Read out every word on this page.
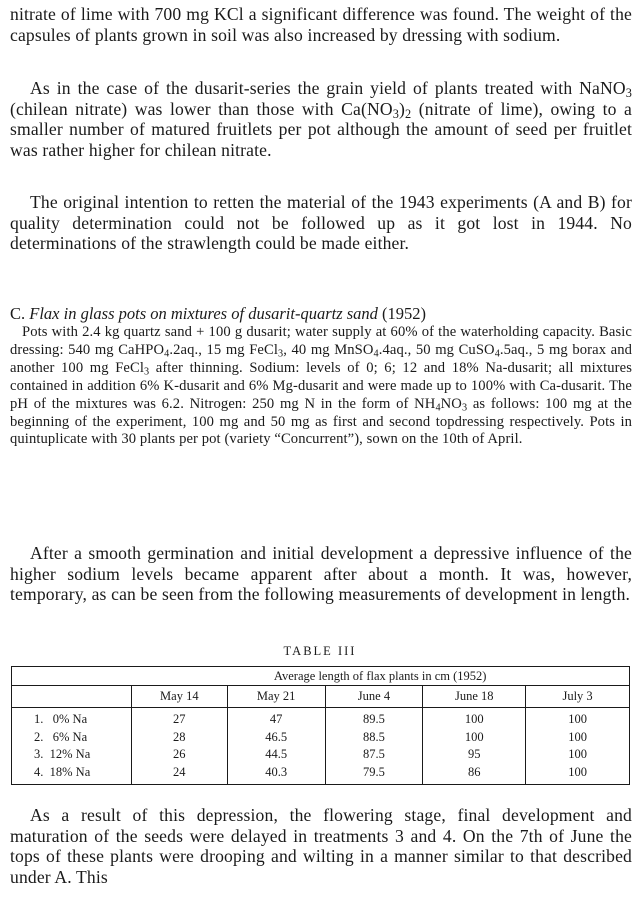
nitrate of lime with 700 mg KCl a significant difference was found. The weight of the capsules of plants grown in soil was also increased by dressing with sodium.

As in the case of the dusarit-series the grain yield of plants treated with NaNO$_3$ (chilean nitrate) was lower than those with $Ca(NO_3)_2$ (nitrate of lime), owing to a smaller number of matured fruitlets per pot although the amount of seed per fruitlet was rather higher for chilean nitrate.

The original intention to retten the material of the 1943 experiments (A and B) for quality determination could not be followed up as it got lost in 1944. No determinations of the strawlength could be made either.

C. Flax in glass pots on mixtures of dusarit-quartz sand (1952)

Pots with 2.4 kg quartz sand + 100 g dusarit; water supply at 60% of the waterholding capacity. Basic dressing: 540 mg CaHPO$_4$.2aq., 15 mg FeCl$_3$, 40 mg MnSO$_4$.4aq., 50 mg CuSO$_4$.5aq., 5 mg borax and another 100 mg FeCl$_3$ after thinning. Sodium: levels of 0; 6; 12 and 18% Na-dusarit; all mixtures contained in addition 6% K-dusarit and 6% Mg-dusarit and were made up to 100% with Ca-dusarit. The pH of the mixtures was 6.2. Nitrogen: 250 mg N in the form of $NH_4NO_3$ as follows: 100 mg at the beginning of the experiment, 100 mg and 50 mg as first and second topdressing respectively. Pots in quintuplicate with 30 plants per pot (variety “Concurrent”), sown on the 10th of April.

After a smooth germination and initial development a depressive influence of the higher sodium levels became apparent after about a month. It was, however, temporary, as can be seen from the following measurements of development in length.

TABLE III

	Average length of flax plants in cm (1952)				
	May 14	May 21	June 4	June 18	July 3
1.   0% Na	27	47	89.5	100	100
2.   6% Na	28	46.5	88.5	100	100
3.  12% Na	26	44.5	87.5	95	100
4.  18% Na	24	40.3	79.5	86	100

As a result of this depression, the flowering stage, final development and maturation of the seeds were delayed in treatments 3 and 4. On the 7th of June the tops of these plants were drooping and wilting in a manner similar to that described under A. This
